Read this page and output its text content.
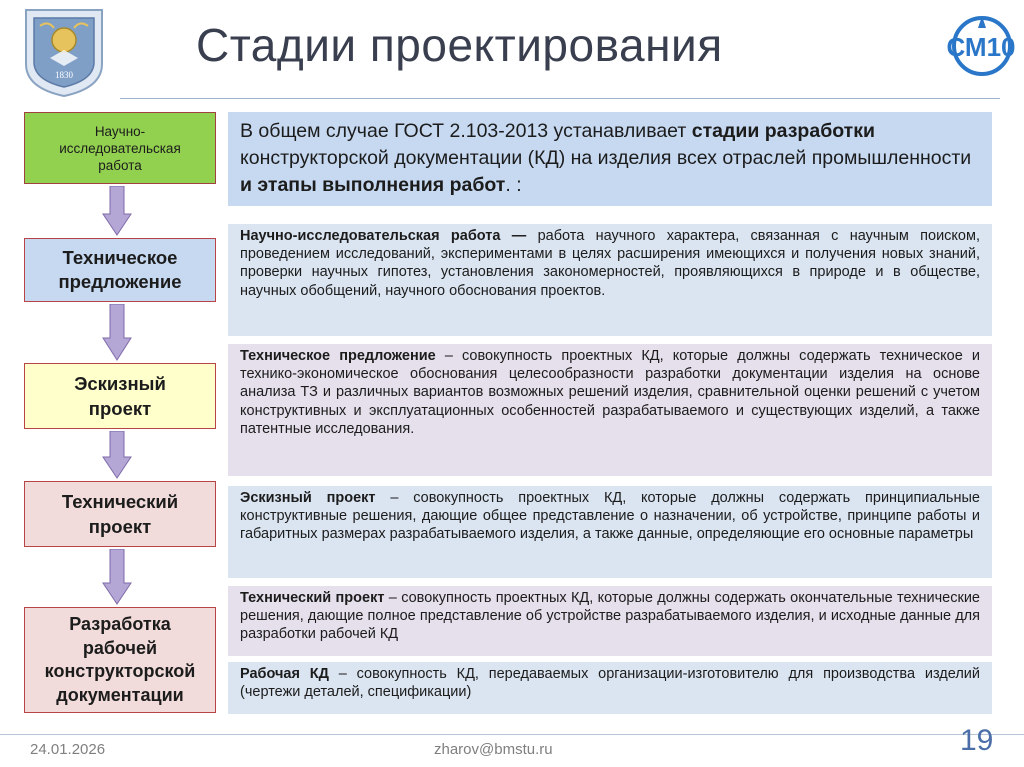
1830
СМ10
Стадии проектирования
Научно-исследовательская работа
Техническое предложение
Эскизный проект
Технический проект
Разработка рабочей конструкторской документации
В общем случае ГОСТ 2.103-2013 устанавливает стадии разработки конструкторской документации (КД) на изделия всех отраслей промышленности и этапы выполнения работ. :
Научно-исследовательская работа — работа научного характера, связанная с научным поиском, проведением исследований, экспериментами в целях расширения имеющихся и получения новых знаний, проверки научных гипотез, установления закономерностей, проявляющихся в природе и в обществе, научных обобщений, научного обоснования проектов.
Техническое предложение – совокупность проектных КД, которые должны содержать техническое и технико-экономическое обоснования целесообразности разработки документации изделия на основе анализа ТЗ и различных вариантов возможных решений изделия, сравнительной оценки решений с учетом конструктивных и эксплуатационных особенностей разрабатываемого и существующих изделий, а также патентные исследования.
Эскизный проект – совокупность проектных КД, которые должны содержать принципиальные конструктивные решения, дающие общее представление о назначении, об устройстве, принципе работы и габаритных размерах разрабатываемого изделия, а также данные, определяющие его основные параметры
Технический проект – совокупность проектных КД, которые должны содержать окончательные технические решения, дающие полное представление об устройстве разрабатываемого изделия, и исходные данные для разработки рабочей КД
Рабочая КД – совокупность КД, передаваемых организации-изготовителю для производства изделий (чертежи деталей, спецификации)
24.01.2026	zharov@bmstu.ru	19
